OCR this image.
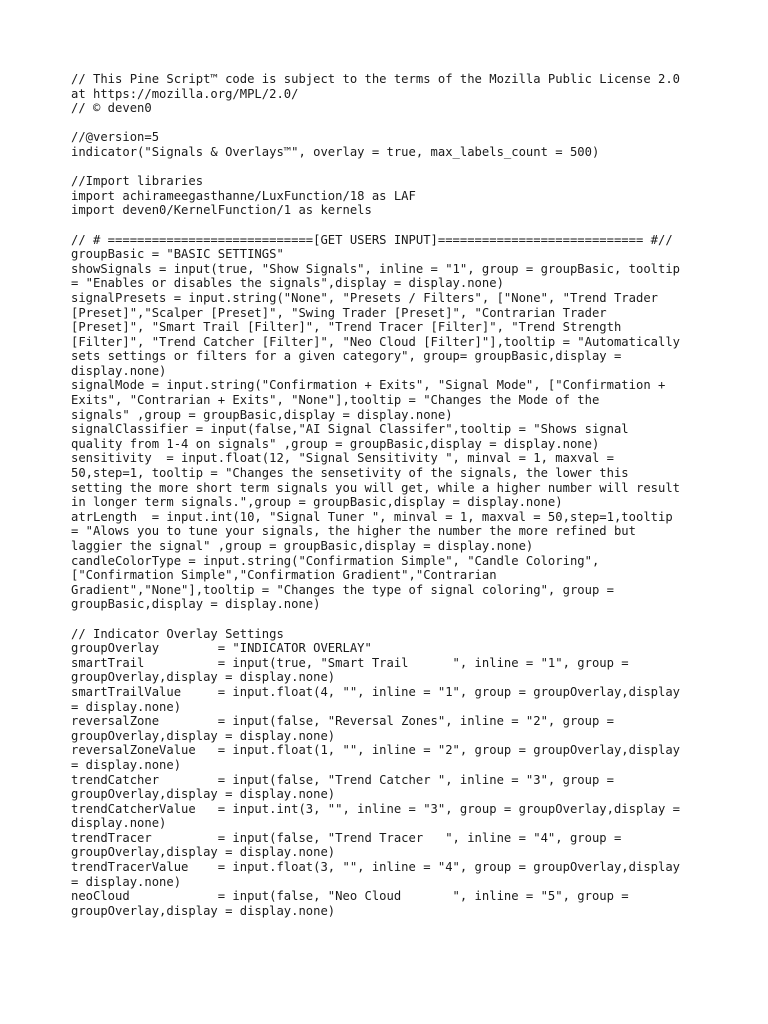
// This Pine Script™ code is subject to the terms of the Mozilla Public License 2.0
at https://mozilla.org/MPL/2.0/
// © deven0
//@version=5
indicator("Signals & Overlays™", overlay = true, max_labels_count = 500)
//Import libraries
import achirameegasthanne/LuxFunction/18 as LAF
import deven0/KernelFunction/1 as kernels
// # ============================[GET USERS INPUT]============================ #//
groupBasic = "BASIC SETTINGS"
showSignals = input(true, "Show Signals", inline = "1", group = groupBasic, tooltip
= "Enables or disables the signals",display = display.none)
signalPresets = input.string("None", "Presets / Filters", ["None", "Trend Trader
[Preset]","Scalper [Preset]", "Swing Trader [Preset]", "Contrarian Trader
[Preset]", "Smart Trail [Filter]", "Trend Tracer [Filter]", "Trend Strength
[Filter]", "Trend Catcher [Filter]", "Neo Cloud [Filter]"],tooltip = "Automatically
sets settings or filters for a given category", group= groupBasic,display =
display.none)
signalMode = input.string("Confirmation + Exits", "Signal Mode", ["Confirmation +
Exits", "Contrarian + Exits", "None"],tooltip = "Changes the Mode of the
signals" ,group = groupBasic,display = display.none)
signalClassifier = input(false,"AI Signal Classifer",tooltip = "Shows signal
quality from 1-4 on signals" ,group = groupBasic,display = display.none)
sensitivity  = input.float(12, "Signal Sensitivity ", minval = 1, maxval =
50,step=1, tooltip = "Changes the sensetivity of the signals, the lower this
setting the more short term signals you will get, while a higher number will result
in longer term signals.",group = groupBasic,display = display.none)
atrLength  = input.int(10, "Signal Tuner ", minval = 1, maxval = 50,step=1,tooltip
= "Alows you to tune your signals, the higher the number the more refined but
laggier the signal" ,group = groupBasic,display = display.none)
candleColorType = input.string("Confirmation Simple", "Candle Coloring",
["Confirmation Simple","Confirmation Gradient","Contrarian
Gradient","None"],tooltip = "Changes the type of signal coloring", group =
groupBasic,display = display.none)
// Indicator Overlay Settings
groupOverlay        = "INDICATOR OVERLAY"
smartTrail          = input(true, "Smart Trail      ", inline = "1", group =
groupOverlay,display = display.none)
smartTrailValue     = input.float(4, "", inline = "1", group = groupOverlay,display
= display.none)
reversalZone        = input(false, "Reversal Zones", inline = "2", group =
groupOverlay,display = display.none)
reversalZoneValue   = input.float(1, "", inline = "2", group = groupOverlay,display
= display.none)
trendCatcher        = input(false, "Trend Catcher ", inline = "3", group =
groupOverlay,display = display.none)
trendCatcherValue   = input.int(3, "", inline = "3", group = groupOverlay,display =
display.none)
trendTracer         = input(false, "Trend Tracer   ", inline = "4", group =
groupOverlay,display = display.none)
trendTracerValue    = input.float(3, "", inline = "4", group = groupOverlay,display
= display.none)
neoCloud            = input(false, "Neo Cloud       ", inline = "5", group =
groupOverlay,display = display.none)
